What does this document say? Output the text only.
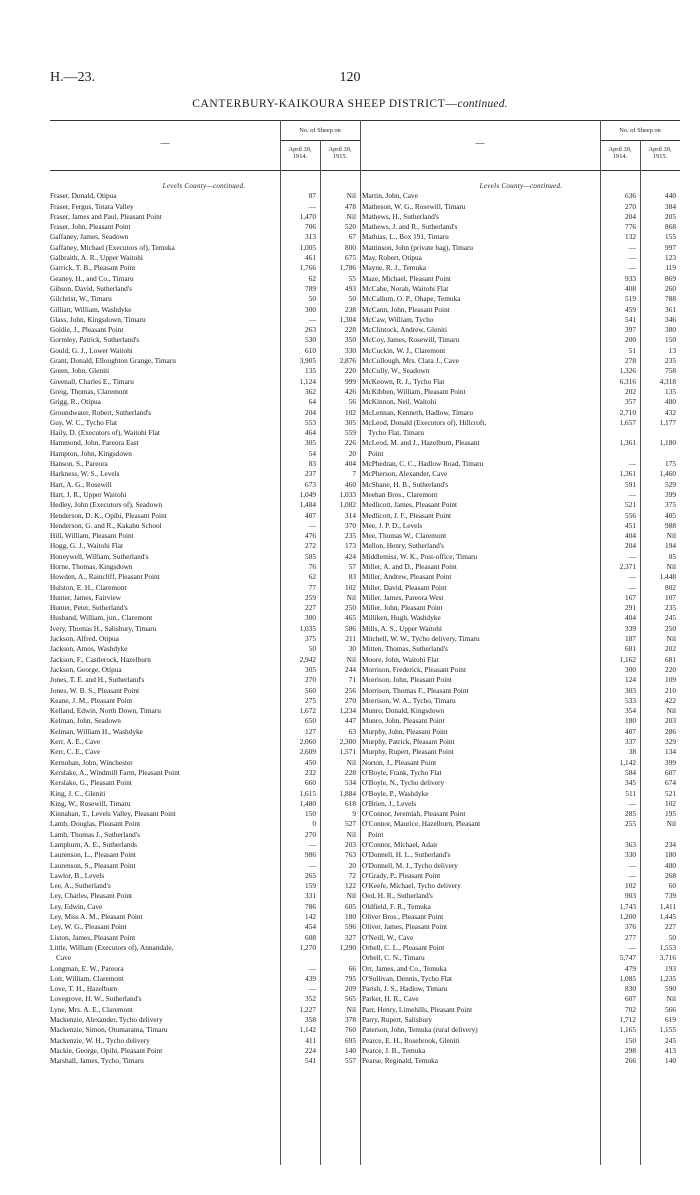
H.—23.	120
CANTERBURY-KAIKOURA SHEEP DISTRICT—continued.
—
No. of Sheep on
April 30, 1914.
April 30, 1915.
—
No. of Sheep on
April 30, 1914.
April 30, 1915.
Levels County—continued.
Fraser, Donald, Otipua	87	Nil
Fraser, Fergus, Totara Valley	—	478
Fraser, James and Paul, Pleasant Point	1,470	Nil
Fraser, John, Pleasant Point	706	520
Gaffaney, James, Seadown	313	67
Gaffaney, Michael (Executors of), Temuka	1,005	800
Galbraith, A. R., Upper Waitohi	461	675
Garrick, T. B., Pleasant Point	1,766	1,786
Geaney, H., and Co., Timaru	62	55
Gibson, David, Sutherland's	789	493
Gilchrist, W., Timaru	50	50
Gilliatt, William, Washdyke	300	238
Glass, John, Kingsdown, Timaru	—	1,304
Goldie, J., Pleasant Point	263	228
Gormley, Patrick, Sutherland's	530	350
Gould, G. J., Lower Waitohi	610	330
Grant, Donald, Elloughton Grange, Timaru	3,905	2,876
Green, John, Gleniti	135	220
Greenall, Charles E., Timaru	1,124	999
Greig, Thomas, Claremont	362	426
Grigg, R., Otipua	64	56
Groundwater, Robert, Sutherland's	204	102
Guy, W. C., Tycho Flat	553	305
Haily, D. (Executors of), Waitohi Flat	464	559
Hammond, John, Pareora East	305	226
Hampton, John, Kingsdown	54	20
Hanson, S., Pareora	83	404
Harkness, W. S., Levels	237	7
Hart, A. G., Rosewill	673	460
Hart, J. R., Upper Waitohi	1,049	1,033
Hedley, John (Executors of), Seadown	1,484	1,082
Henderson, D. K., Opihi, Pleasant Point	407	314
Henderson, G. and R., Kakahu School	—	370
Hill, William, Pleasant Point	476	235
Hogg, G. J., Waitohi Flat	272	173
Honeywell, William, Sutherland's	585	424
Horne, Thomas, Kingsdown	76	57
Howden, A., Raincliff, Pleasant Point	62	83
Hulston, E. H., Claremont	77	102
Hunter, James, Fairview	259	Nil
Hunter, Peter, Sutherland's	227	250
Husband, William, jun., Claremont	300	465
Ivery, Thomas H., Salisbury, Timaru	1,035	586
Jackson, Alfred, Otipua	375	211
Jackson, Amos, Washdyke	50	30
Jackson, F., Castlerock, Hazelburn	2,942	Nil
Jackson, George, Otipua	305	244
Jones, T. E. and H., Sutherland's	270	71
Jones, W. B. S., Pleasant Point	560	256
Keane, J. M., Pleasant Point	275	270
Kelland, Edwin, North Down, Timaru	1,672	1,234
Kelman, John, Seadown	650	447
Kelman, William H., Washdyke	127	63
Kerr, A. E., Cave	2,060	2,300
Kerr, C. E., Cave	2,609	1,571
Kernohan, John, Winchester	450	Nil
Kerslake, A., Windmill Farm, Pleasant Point	232	228
Kerslake, G., Pleasant Point	660	534
King, J. C., Gleniti	1,615	1,884
King, W., Rosewill, Timaru	1,480	618
Kinnahan, T., Levels Valley, Pleasant Point	150	9
Lamb, Douglas, Pleasant Point	0	527
Lamb, Thomas J., Sutherland's	270	Nil
Lamphurn, A. E., Sutherlands	—	203
Laurenson, L., Pleasant Point	986	763
Laurenson, S., Pleasant Point	—	20
Lawlor, B., Levels	265	72
Lee, A., Sutherland's	159	122
Ley, Charles, Pleasant Point	331	Nil
Ley, Edwin, Cave	786	605
Ley, Miss A. M., Pleasant Point	142	180
Ley, W. G., Pleasant Point	454	596
Liston, James, Pleasant Point	608	327
Little, William (Executors of), Annandale,	1,270	1,290
Cave
Longman, E. W., Pareora	—	66
Lott, William, Claremont	439	795
Love, T. H., Hazelburn	—	209
Lovegrove, H. W., Sutherland's	352	565
Lyne, Mrs. A. E., Claremont	1,227	Nil
Mackenzie, Alexander, Tycho delivery	358	378
Mackenzie, Simon, Otumarama, Timaru	1,142	760
Mackenzie, W. H., Tycho delivery	411	695
Mackie, George, Opihi, Pleasant Point	224	140
Marshall, James, Tycho, Timaru	541	557
Levels County—continued.
Martin, John, Cave	636	440
Matheson, W. G., Rosewill, Timaru	270	384
Mathews, H., Sutherland's	204	205
Mathews, J. and R., Sutherland's	776	868
Mathias, L., Box 191, Timaru	132	155
Mattinson, John (private bag), Timaru	—	997
May, Robert, Otipua	—	123
Mayne, R. J., Temuka	—	119
Maze, Michael, Pleasant Point	933	869
McCabe, Norah, Waitohi Flat	408	260
McCallum, O. P., Ohape, Temuka	519	788
McCann, John, Pleasant Point	459	361
McCaw, William, Tycho	541	346
McClintock, Andrew, Gleniti	397	380
McCoy, James, Rosewill, Timaru	200	150
McCuckin, W. J., Claremont	51	13
McCullough, Mrs. Clara J., Cave	278	235
McCully, W., Seadown	1,326	758
McKeown, R. J., Tycho Flat	6,316	4,318
McKibben, William, Pleasant Point	202	135
McKinnon, Neil, Waitohi	357	480
McLennan, Kenneth, Hadlow, Timaru	2,710	432
McLeod, Donald (Executors of), Hillcroft,	1,657	1,177
Tycho Flat, Timaru
McLeod, M. and J., Hazelburn, Pleasant	1,361	1,180
Point
McPhedran, C. C., Hadlow Road, Timaru	—	175
McPherson, Alexander, Cave	1,361	1,460
McShane, H. B., Sutherland's	591	529
Meehan Bros., Claremont	—	399
Medlicott, James, Pleasant Point	521	375
Medlicott, J. F., Pleasant Point	556	405
Mee, J. P. D., Levels	451	988
Mee, Thomas W., Claremont	404	Nil
Mellon, Henry, Sutherland's	204	194
Middlemiss, W. K., Post-office, Timaru	—	85
Miller, A. and D., Pleasant Point	2,371	Nil
Miller, Andrew, Pleasant Point	—	1,448
Miller, David, Pleasant Point	—	802
Miller, James, Pareora West	167	107
Miller, John, Pleasant Point	291	235
Milliken, Hugh, Washdyke	404	245
Mills, A. S., Upper Waitohi	339	250
Mitchell, W. W., Tycho delivery, Timaru	187	Nil
Mitten, Thomas, Sutherland's	681	202
Moore, John, Waitohi Flat	1,162	681
Morrison, Frederick, Pleasant Point	300	220
Morrison, John, Pleasant Point	124	109
Morrison, Thomas F., Pleasant Point	303	210
Morrison, W. A., Tycho, Timaru	533	422
Munro, Donald, Kingsdown	354	Nil
Munro, John, Pleasant Point	180	203
Murphy, John, Pleasant Point	407	286
Murphy, Patrick, Pleasant Point	337	329
Murphy, Rupert, Pleasant Point	38	134
Norton, J., Pleasant Point	1,142	399
O'Boyle, Frank, Tycho Flat	584	607
O'Boyle, N., Tycho delivery	345	674
O'Boyle, P., Washdyke	511	521
O'Brien, J., Levels	—	102
O'Connor, Jeremiah, Pleasant Point	285	195
O'Connor, Maurice, Hazelburn, Pleasant	255	Nil
Point
O'Connor, Michael, Adair	363	234
O'Donnell, H. L., Sutherland's	330	180
O'Donnell, M. J., Tycho delivery	—	480
O'Grady, P., Pleasant Point	—	268
O'Keefe, Michael, Tycho delivery	102	60
Oed, H. R., Sutherland's	903	739
Oldfield, F. R., Temuka	1,743	1,411
Oliver Bros., Pleasant Point	1,200	1,445
Oliver, James, Pleasant Point	376	227
O'Neill, W., Cave	277	50
Orbell, C. L., Pleasant Point	—	1,553
Orbell, C. N., Timaru	5,747	3,716
Orr, James, and Co., Temuka	479	193
O'Sullivan, Dennis, Tycho Flat	1,085	1,235
Parish, J. S., Hadlow, Timaru	830	590
Parker, H. R., Cave	607	Nil
Parr, Henry, Limehills, Pleasant Point	702	566
Parry, Rupert, Salisbury	1,712	619
Paterson, John, Temuka (rural delivery)	1,165	1,155
Pearce, E. H., Rosebrook, Gleniti	150	245
Pearce, J. B., Temuka	298	413
Pearse, Reginald, Temuka	266	140
